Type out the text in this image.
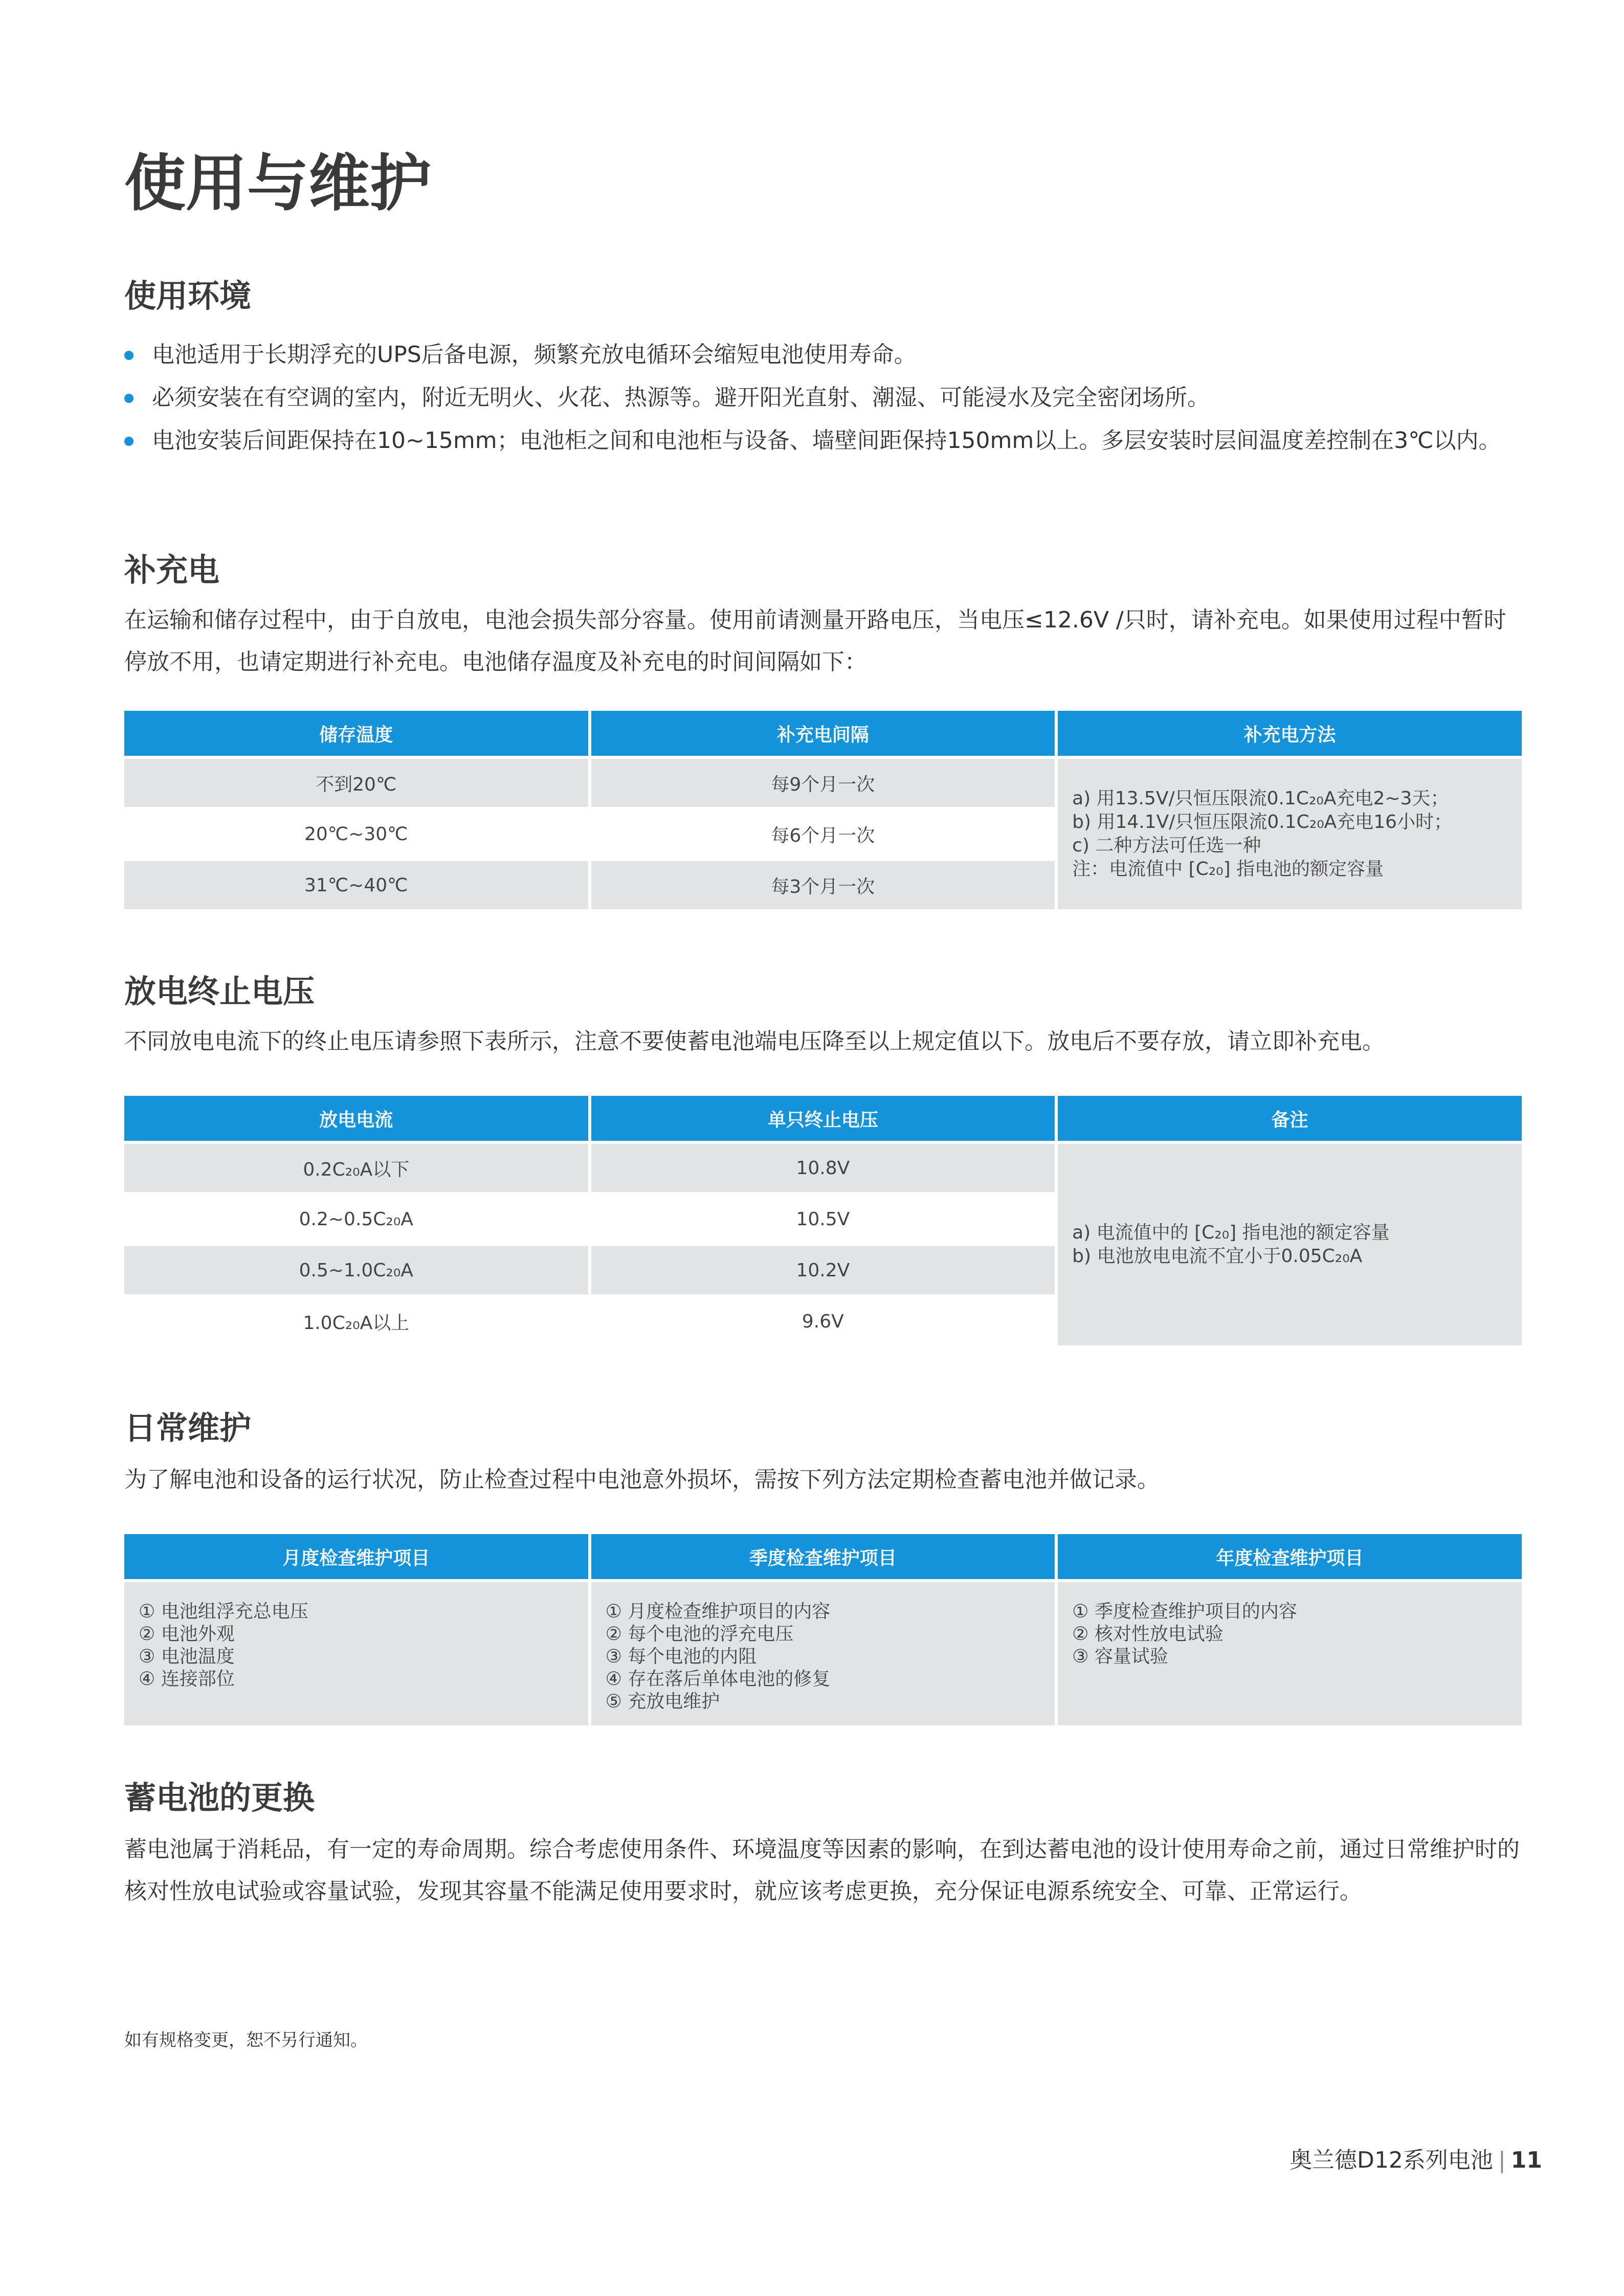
使用与维护
使用环境
电池适用于长期浮充的UPS后备电源，频繁充放电循环会缩短电池使用寿命。
必须安装在有空调的室内，附近无明火、火花、热源等。避开阳光直射、潮湿、可能浸水及完全密闭场所。
电池安装后间距保持在10~15mm；电池柜之间和电池柜与设备、墙壁间距保持150mm以上。多层安装时层间温度差控制在3℃以内。
补充电

在运输和储存过程中，由于自放电，电池会损失部分容量。使用前请测量开路电压，当电压≤12.6V /只时，请补充电。如果使用过程中暂时停放不用，也请定期进行补充电。电池储存温度及补充电的时间间隔如下：

储存温度	补充电间隔	补充电方法
不到20℃	每9个月一次	a) 用13.5V/只恒压限流0.1C₂₀A充电2~3天；
b) 用14.1V/只恒压限流0.1C₂₀A充电16小时；
c) 二种方法可任选一种
注：电流值中 [C₂₀] 指电池的额定容量

20℃~30℃	每6个月一次	
31℃~40℃	每3个月一次	
放电终止电压

不同放电电流下的终止电压请参照下表所示，注意不要使蓄电池端电压降至以上规定值以下。放电后不要存放，请立即补充电。

放电电流	单只终止电压	备注
0.2C₂₀A以下	10.8V	a) 电流值中的 [C₂₀] 指电池的额定容量
b) 电池放电电流不宜小于0.05C₂₀A

0.2~0.5C₂₀A	10.5V	
0.5~1.0C₂₀A	10.2V	
1.0C₂₀A以上	9.6V	
日常维护

为了解电池和设备的运行状况，防止检查过程中电池意外损坏，需按下列方法定期检查蓄电池并做记录。

月度检查维护项目	季度检查维护项目	年度检查维护项目

① 电池组浮充总电压
② 电池外观
③ 电池温度
④ 连接部位	① 月度检查维护项目的内容
② 每个电池的浮充电压
③ 每个电池的内阻
④ 存在落后单体电池的修复
⑤ 充放电维护	① 季度检查维护项目的内容
② 核对性放电试验
③ 容量试验
蓄电池的更换

蓄电池属于消耗品，有一定的寿命周期。综合考虑使用条件、环境温度等因素的影响，在到达蓄电池的设计使用寿命之前，通过日常维护时的核对性放电试验或容量试验，发现其容量不能满足使用要求时，就应该考虑更换，充分保证电源系统安全、可靠、正常运行。

如有规格变更，恕不另行通知。

奥兰德D12系列电池 | 11
